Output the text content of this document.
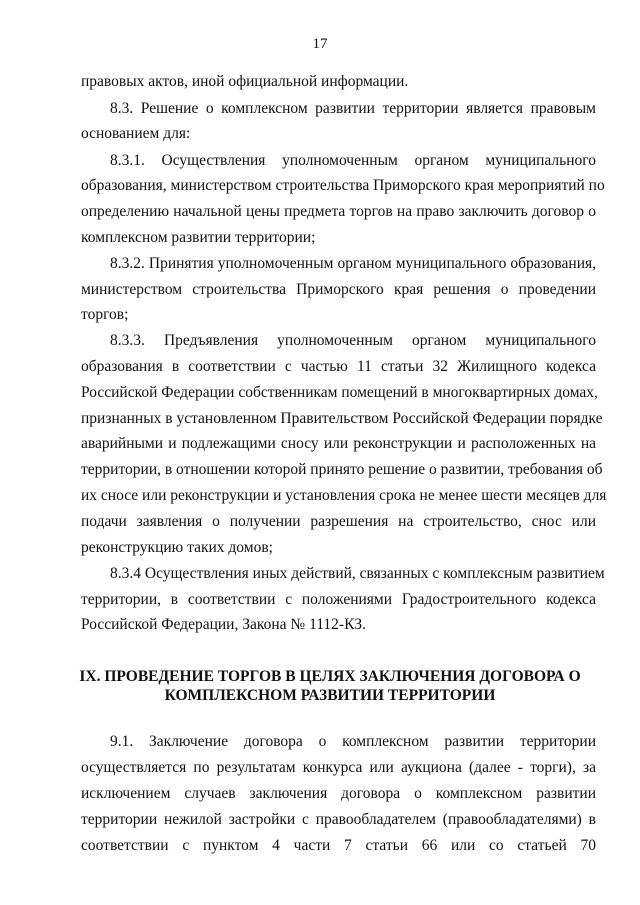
17
правовых актов, иной официальной информации.
8.3. Решение о комплексном развитии территории является правовым
основанием для:
8.3.1. Осуществления уполномоченным органом муниципального
образования, министерством строительства Приморского края мероприятий по
определению начальной цены предмета торгов на право заключить договор о
комплексном развитии территории;
8.3.2. Принятия уполномоченным органом муниципального образования,
министерством строительства Приморского края решения о проведении
торгов;
8.3.3. Предъявления уполномоченным органом муниципального
образования в соответствии с частью 11 статьи 32 Жилищного кодекса
Российской Федерации собственникам помещений в многоквартирных домах,
признанных в установленном Правительством Российской Федерации порядке
аварийными и подлежащими сносу или реконструкции и расположенных на
территории, в отношении которой принято решение о развитии, требования об
их сносе или реконструкции и установления срока не менее шести месяцев для
подачи заявления о получении разрешения на строительство, снос или
реконструкцию таких домов;
8.3.4 Осуществления иных действий, связанных с комплексным развитием
территории, в соответствии с положениями Градостроительного кодекса
Российской Федерации, Закона № 1112-КЗ.
IX. ПРОВЕДЕНИЕ ТОРГОВ В ЦЕЛЯХ ЗАКЛЮЧЕНИЯ ДОГОВОРА О
КОМПЛЕКСНОМ РАЗВИТИИ ТЕРРИТОРИИ
9.1. Заключение договора о комплексном развитии территории
осуществляется по результатам конкурса или аукциона (далее - торги), за
исключением случаев заключения договора о комплексном развитии
территории нежилой застройки с правообладателем (правообладателями) в
соответствии с пунктом 4 части 7 статьи 66 или со статьей 70
